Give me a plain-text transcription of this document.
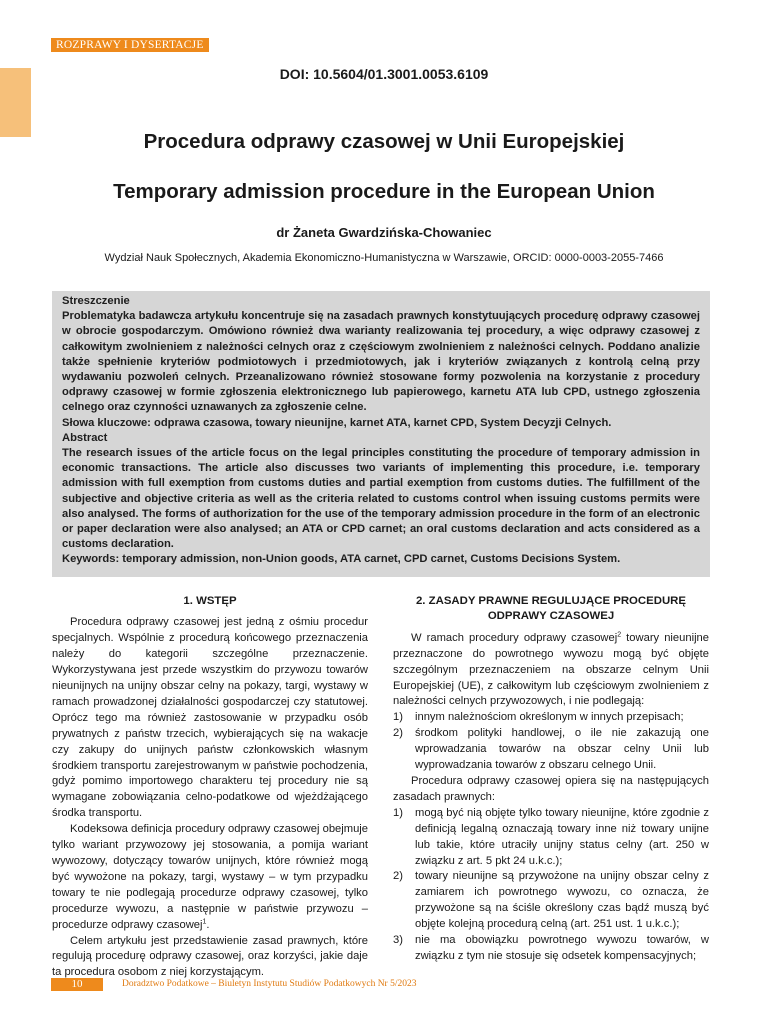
ROZPRAWY I DYSERTACJE
DOI: 10.5604/01.3001.0053.6109
Procedura odprawy czasowej w Unii Europejskiej
Temporary admission procedure in the European Union
dr Żaneta Gwardzińska-Chowaniec
Wydział Nauk Społecznych, Akademia Ekonomiczno-Humanistyczna w Warszawie, ORCID: 0000-0003-2055-7466

Streszczenie

Problematyka badawcza artykułu koncentruje się na zasadach prawnych konstytuujących procedurę odprawy czasowej w obrocie gospodarczym. Omówiono również dwa warianty realizowania tej procedury, a więc odprawy czasowej z całkowitym zwolnieniem z należności celnych oraz z częściowym zwolnieniem z należności celnych. Poddano analizie także spełnienie kryteriów podmiotowych i przedmiotowych, jak i kryteriów związanych z kontrolą celną przy wydawaniu pozwoleń celnych. Przeanalizowano również stosowane formy pozwolenia na korzystanie z procedury odprawy czasowej w formie zgłoszenia elektronicznego lub papierowego, karnetu ATA lub CPD, ustnego zgłoszenia celnego oraz czynności uznawanych za zgłoszenie celne.

Słowa kluczowe: odprawa czasowa, towary nieunijne, karnet ATA, karnet CPD, System Decyzji Celnych.

Abstract

The research issues of the article focus on the legal principles constituting the procedure of temporary admission in economic transactions. The article also discusses two variants of implementing this procedure, i.e. temporary admission with full exemption from customs duties and partial exemption from customs duties. The fulfillment of the subjective and objective criteria as well as the criteria related to customs control when issuing customs permits were also analysed. The forms of authorization for the use of the temporary admission procedure in the form of an electronic or paper declaration were also analysed; an ATA or CPD carnet; an oral customs declaration and acts considered as a customs declaration.

Keywords: temporary admission, non-Union goods, ATA carnet, CPD carnet, Customs Decisions System.

1. WSTĘP

Procedura odprawy czasowej jest jedną z ośmiu procedur specjalnych. Wspólnie z procedurą końcowego przeznaczenia należy do kategorii szczególne przeznaczenie. Wykorzystywana jest przede wszystkim do przywozu towarów nieunijnych na unijny obszar celny na pokazy, targi, wystawy w ramach prowadzonej działalności gospodarczej czy statutowej. Oprócz tego ma również zastosowanie w przypadku osób prywatnych z państw trzecich, wybierających się na wakacje czy zakupy do unijnych państw członkowskich własnym środkiem transportu zarejestrowanym w państwie pochodzenia, gdyż pomimo importowego charakteru tej procedury nie są wymagane zobowiązania celno-podatkowe od wjeżdżającego środka transportu.

Kodeksowa definicja procedury odprawy czasowej obejmuje tylko wariant przywozowy jej stosowania, a pomija wariant wywozowy, dotyczący towarów unijnych, które również mogą być wywożone na pokazy, targi, wystawy – w tym przypadku towary te nie podlegają procedurze odprawy czasowej, tylko procedurze wywozu, a następnie w państwie przywozu – procedurze odprawy czasowej$^1$.

Celem artykułu jest przedstawienie zasad prawnych, które regulują procedurę odprawy czasowej, oraz korzyści, jakie daje ta procedura osobom z niej korzystającym.

2. ZASADY PRAWNE REGULUJĄCE PROCEDURĘ ODPRAWY CZASOWEJ

W ramach procedury odprawy czasowej$^2$ towary nieunijne przeznaczone do powrotnego wywozu mogą być objęte szczególnym przeznaczeniem na obszarze celnym Unii Europejskiej (UE), z całkowitym lub częściowym zwolnieniem z należności celnych przywozowych, i nie podlegają:

1) innym należnościom określonym w innych przepisach;
2) środkom polityki handlowej, o ile nie zakazują one wprowadzania towarów na obszar celny Unii lub wyprowadzania towarów z obszaru celnego Unii.

Procedura odprawy czasowej opiera się na następujących zasadach prawnych:

1) mogą być nią objęte tylko towary nieunijne, które zgodnie z definicją legalną oznaczają towary inne niż towary unijne lub takie, które utraciły unijny status celny (art. 250 w związku z art. 5 pkt 24 u.k.c.);
2) towary nieunijne są przywożone na unijny obszar celny z zamiarem ich powrotnego wywozu, co oznacza, że przywożone są na ściśle określony czas bądź muszą być objęte kolejną procedurą celną (art. 251 ust. 1 u.k.c.);
3) nie ma obowiązku powrotnego wywozu towarów, w związku z tym nie stosuje się odsetek kompensacyjnych;
10	Doradztwo Podatkowe – Biuletyn Instytutu Studiów Podatkowych Nr 5/2023
